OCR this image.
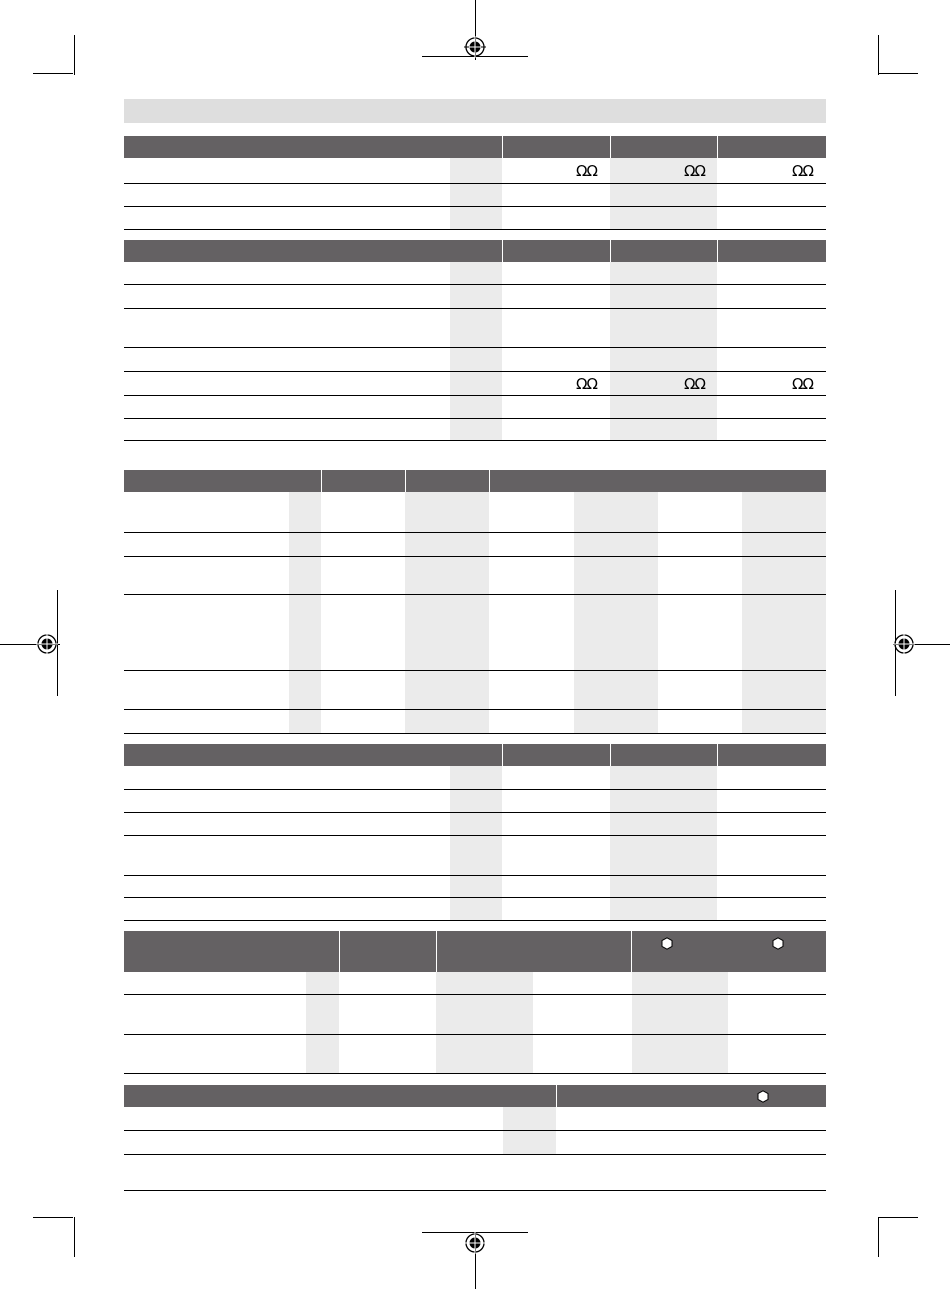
ΩΩ	ΩΩ	ΩΩ
ΩΩ	ΩΩ	ΩΩ
